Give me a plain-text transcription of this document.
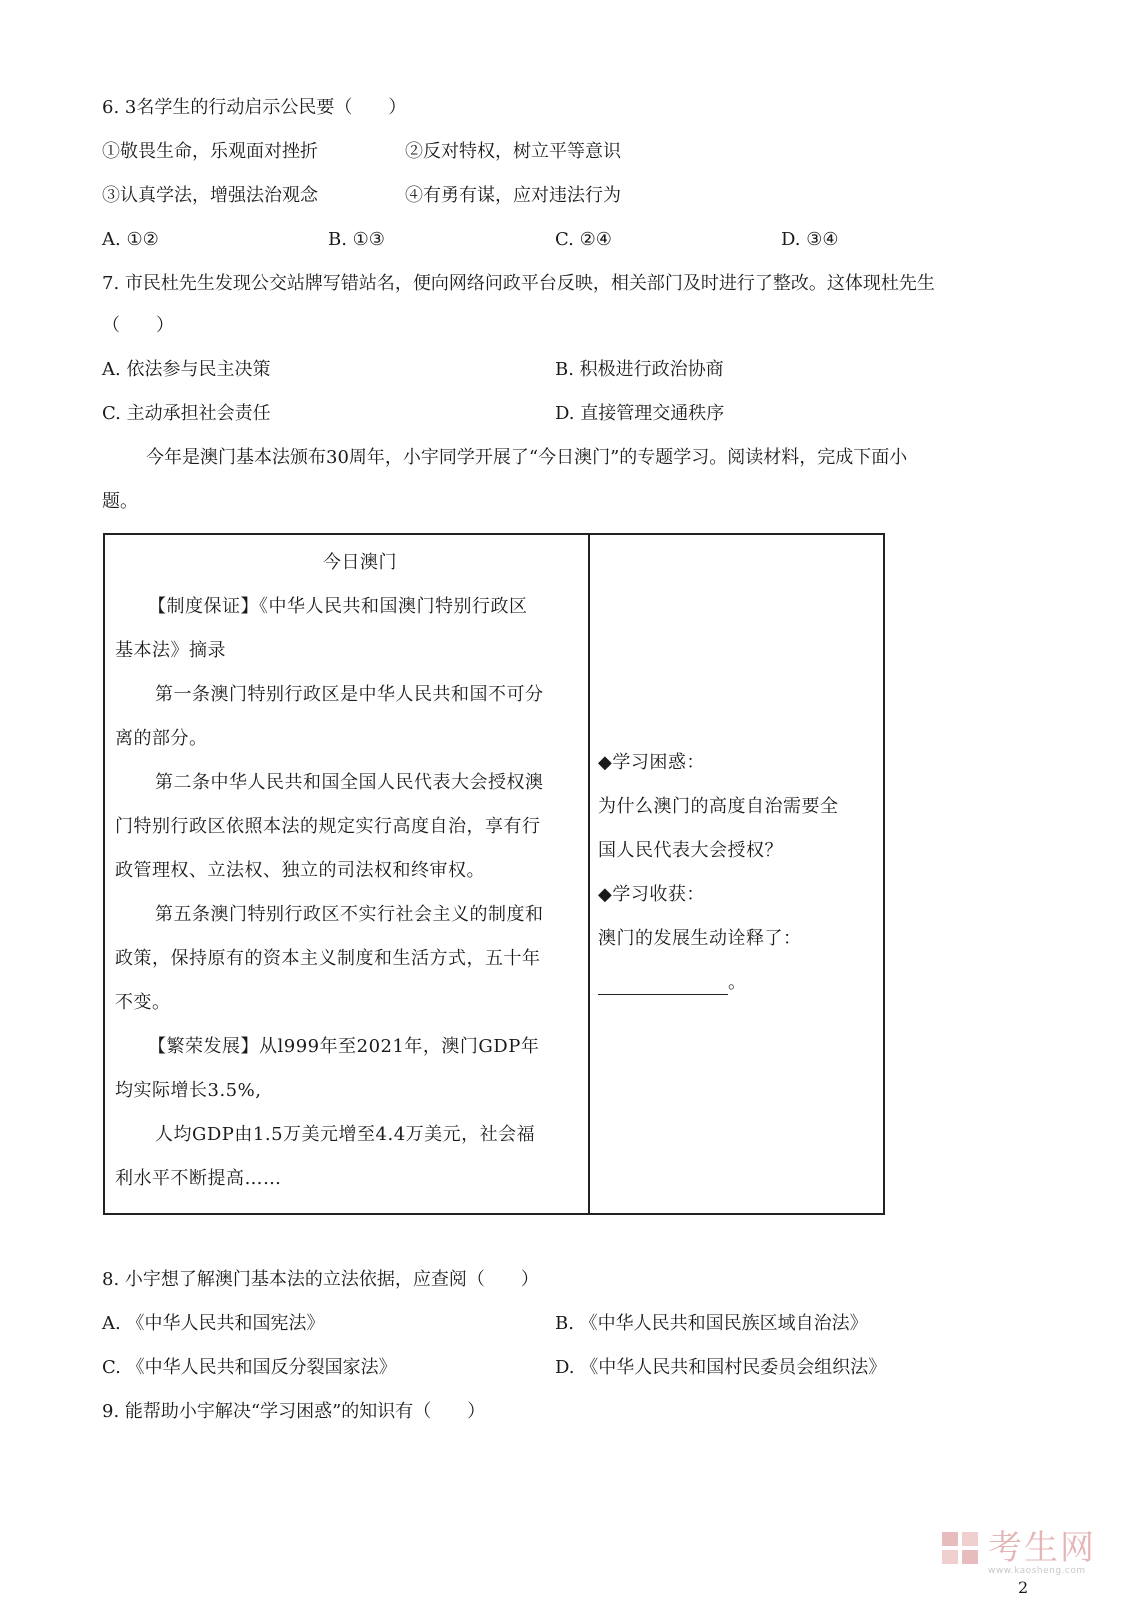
6. 3名学生的行动启示公民要（　　）
①敬畏生命，乐观面对挫折	②反对特权，树立平等意识
③认真学法，增强法治观念	④有勇有谋，应对违法行为
A. ①②	B. ①③	C. ②④	D. ③④
7. 市民杜先生发现公交站牌写错站名，便向网络问政平台反映，相关部门及时进行了整改。这体现杜先生
（　　）
A. 依法参与民主决策	B. 积极进行政治协商
C. 主动承担社会责任	D. 直接管理交通秩序
今年是澳门基本法颁布30周年，小宇同学开展了“今日澳门”的专题学习。阅读材料，完成下面小
题。
今日澳门
【制度保证】《中华人民共和国澳门特别行政区
基本法》摘录
第一条澳门特别行政区是中华人民共和国不可分
离的部分。
第二条中华人民共和国全国人民代表大会授权澳
门特别行政区依照本法的规定实行高度自治，享有行
政管理权、立法权、独立的司法权和终审权。
第五条澳门特别行政区不实行社会主义的制度和
政策，保持原有的资本主义制度和生活方式，五十年
不变。
【繁荣发展】从l999年至2021年，澳门GDP年
均实际增长3.5%,
人均GDP由1.5万美元增至4.4万美元，社会福
利水平不断提高……
◆学习困惑：
为什么澳门的高度自治需要全
国人民代表大会授权？
◆学习收获：
澳门的发展生动诠释了：
。
8. 小宇想了解澳门基本法的立法依据，应查阅（　　）
A. 《中华人民共和国宪法》	B. 《中华人民共和国民族区域自治法》
C. 《中华人民共和国反分裂国家法》	D. 《中华人民共和国村民委员会组织法》
9. 能帮助小宇解决“学习困惑”的知识有（　　）
考生网
www.kaosheng.com
2
